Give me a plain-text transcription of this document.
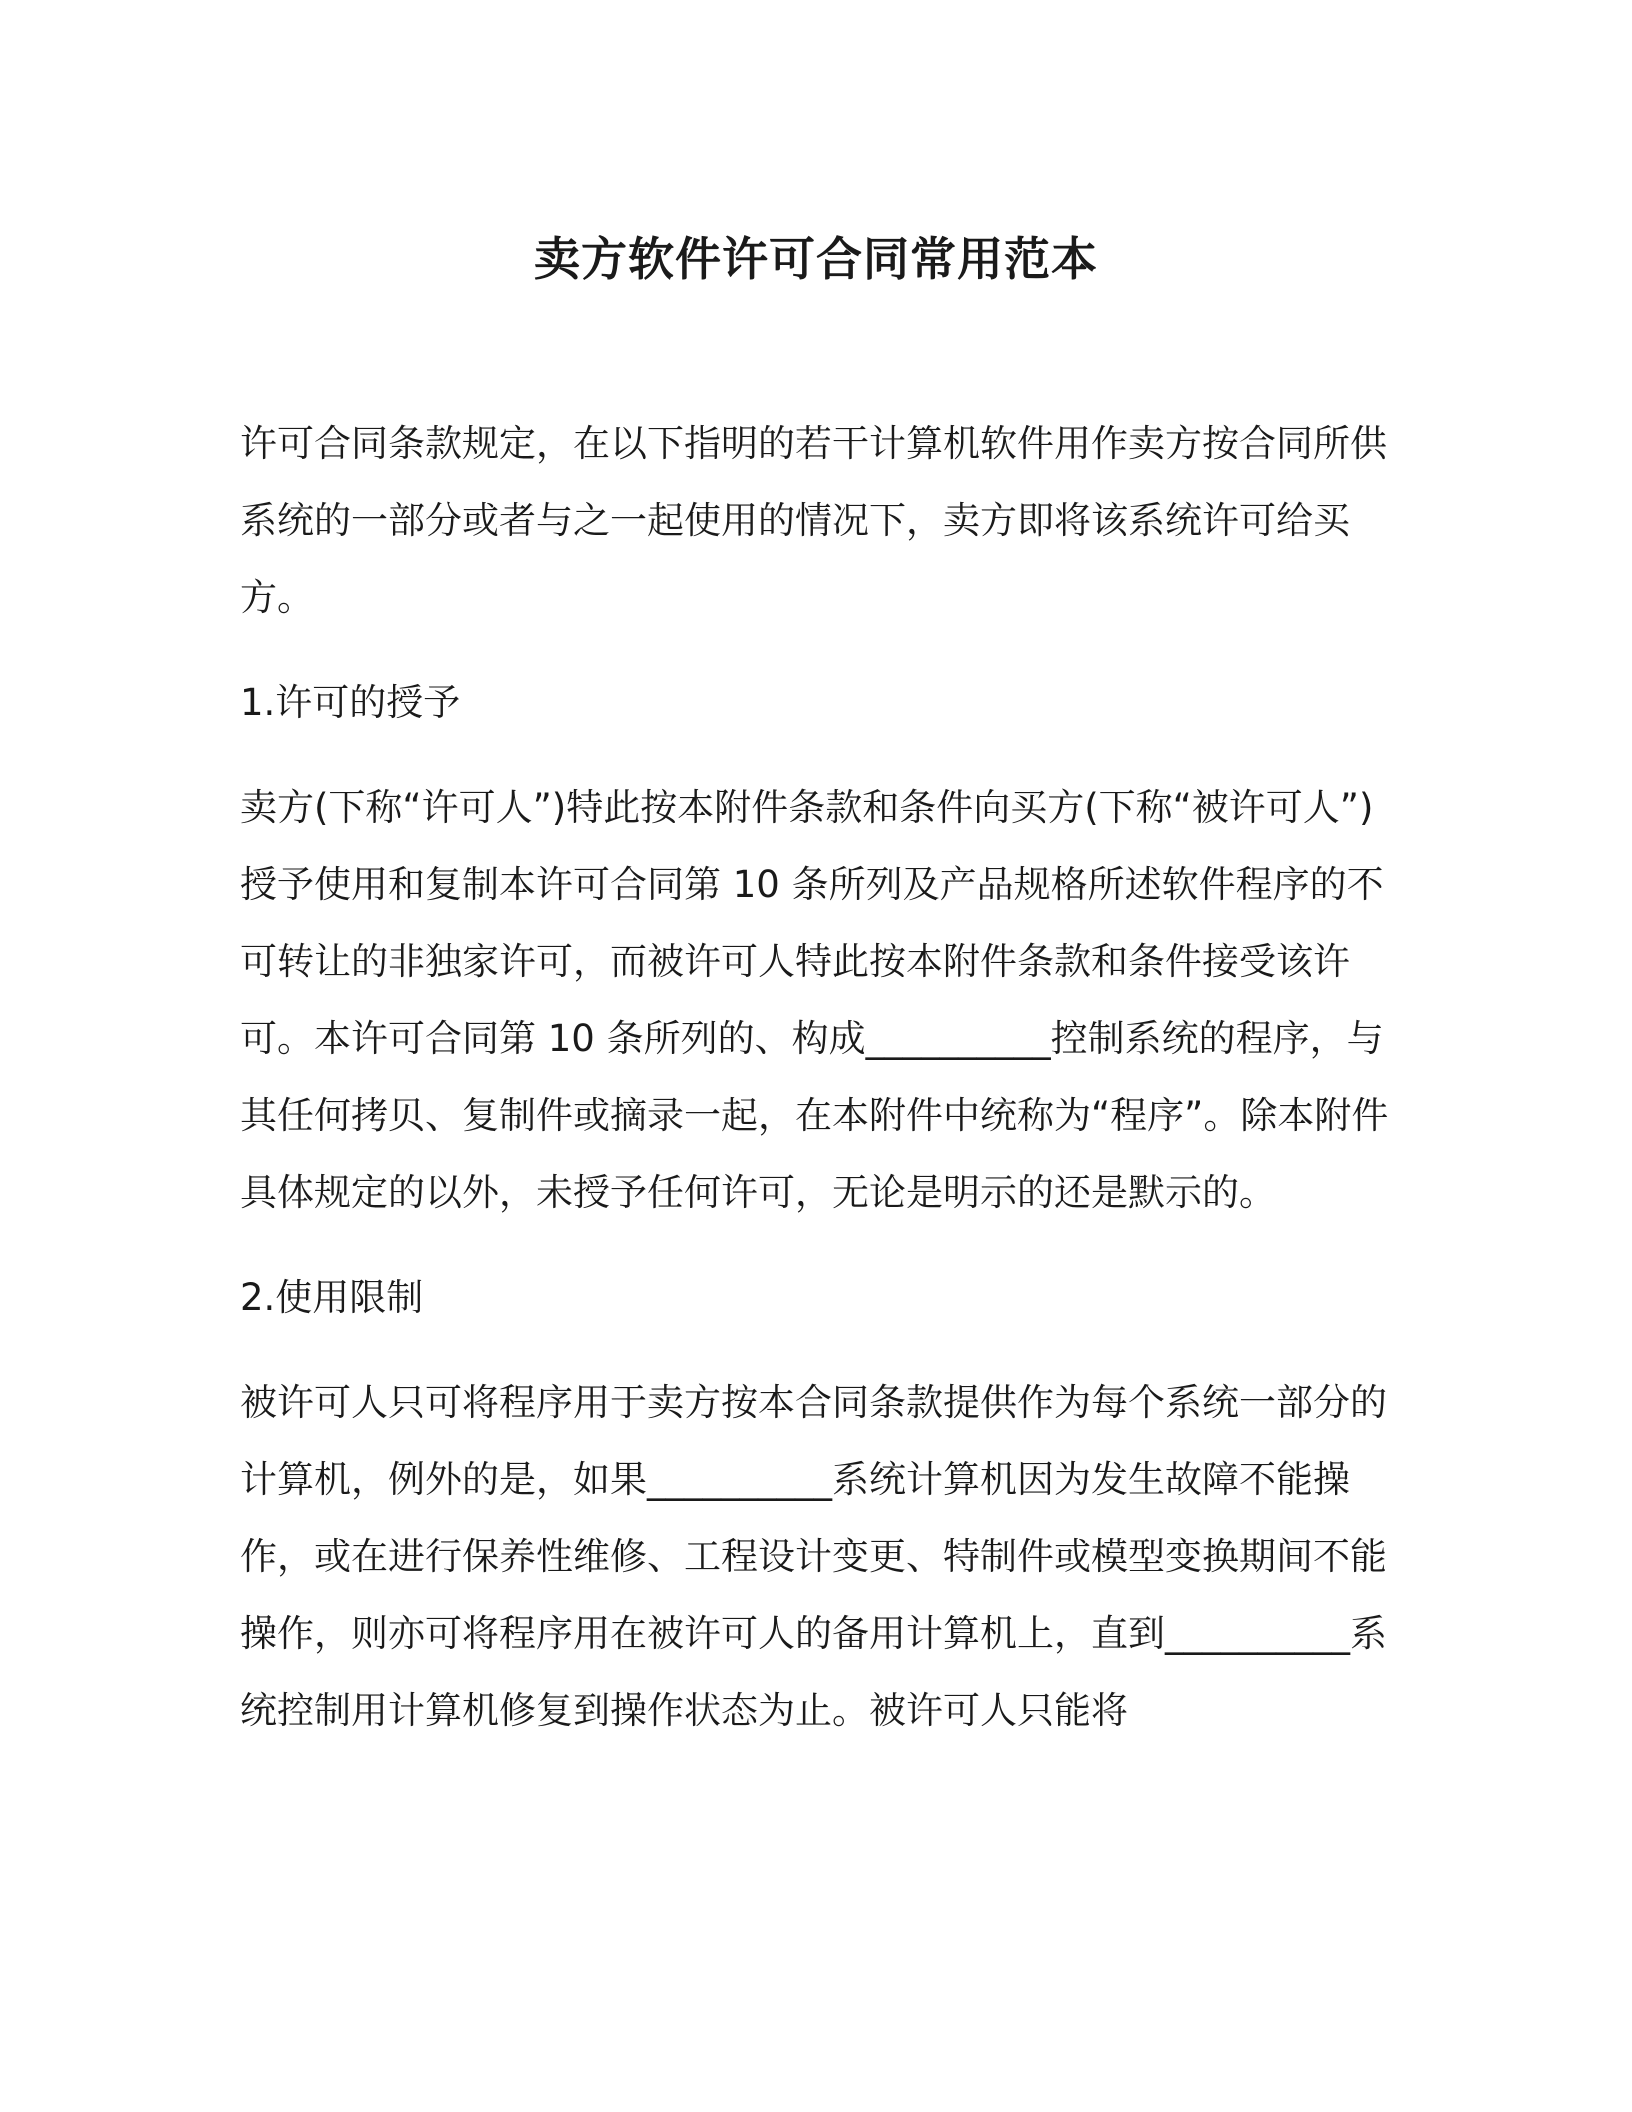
卖方软件许可合同常用范本

许可合同条款规定，在以下指明的若干计算机软件用作卖方按合同所供系统的一部分或者与之一起使用的情况下，卖方即将该系统许可给买方。

1.许可的授予

卖方(下称“许可人”)特此按本附件条款和条件向买方(下称“被许可人”)授予使用和复制本许可合同第 10 条所列及产品规格所述软件程序的不可转让的非独家许可，而被许可人特此按本附件条款和条件接受该许可。本许可合同第 10 条所列的、构成__________控制系统的程序，与其任何拷贝、复制件或摘录一起，在本附件中统称为“程序”。除本附件具体规定的以外，未授予任何许可，无论是明示的还是默示的。

2.使用限制

被许可人只可将程序用于卖方按本合同条款提供作为每个系统一部分的计算机，例外的是，如果__________系统计算机因为发生故障不能操作，或在进行保养性维修、工程设计变更、特制件或模型变换期间不能操作，则亦可将程序用在被许可人的备用计算机上，直到__________系统控制用计算机修复到操作状态为止。被许可人只能将
